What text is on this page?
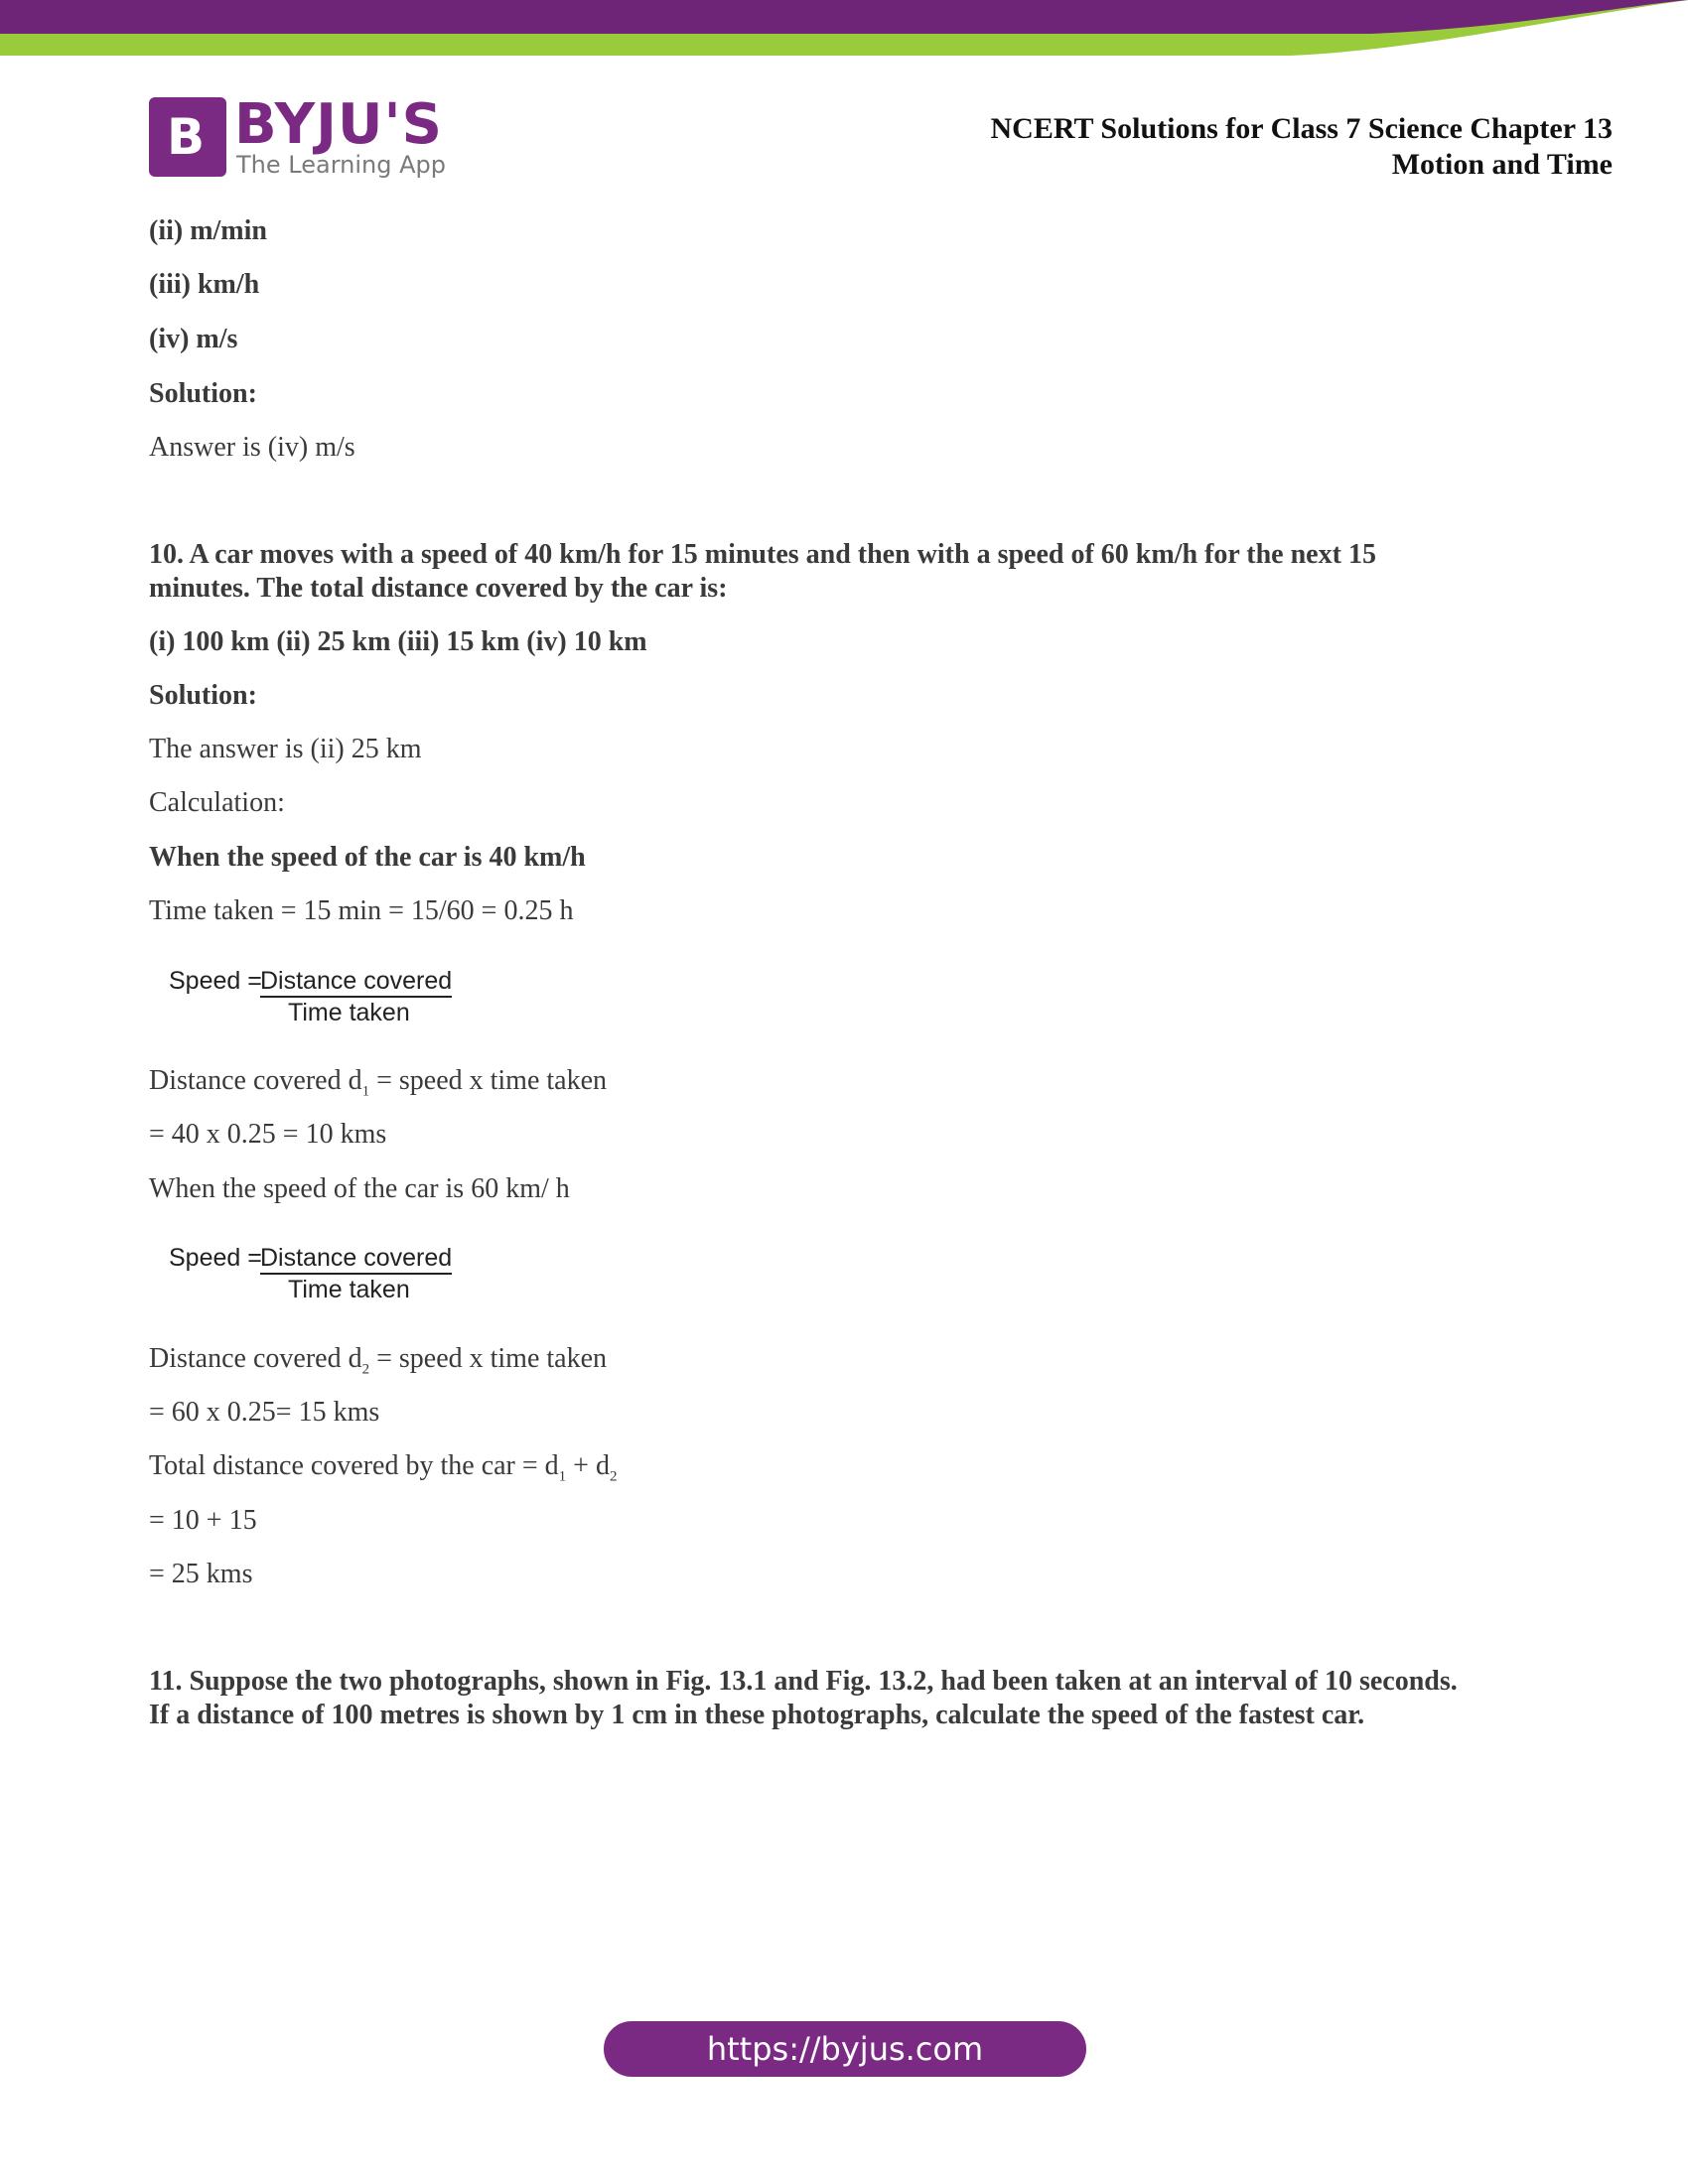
B BYJU'S
The Learning App
NCERT Solutions for Class 7 Science Chapter 13
Motion and Time
(ii) m/min
(iii) km/h
(iv) m/s
Solution:
Answer is (iv) m/s
10. A car moves with a speed of 40 km/h for 15 minutes and then with a speed of 60 km/h for the next 15
minutes. The total distance covered by the car is:
(i) 100 km (ii) 25 km (iii) 15 km (iv) 10 km
Solution:
The answer is (ii) 25 km
Calculation:
When the speed of the car is 40 km/h
Time taken = 15 min = 15/60 = 0.25 h
Speed =
Distance covered
Time taken
Distance covered $d_1$ = speed x time taken
= 40 x 0.25 = 10 kms
When the speed of the car is 60 km/ h
Speed =
Distance covered
Time taken
Distance covered $d_2$ = speed x time taken
= 60 x 0.25= 15 kms
Total distance covered by the car = $d_1 + d_2$
= 10 + 15
= 25 kms
11. Suppose the two photographs, shown in Fig. 13.1 and Fig. 13.2, had been taken at an interval of 10 seconds.
If a distance of 100 metres is shown by 1 cm in these photographs, calculate the speed of the fastest car.
https://byjus.com
